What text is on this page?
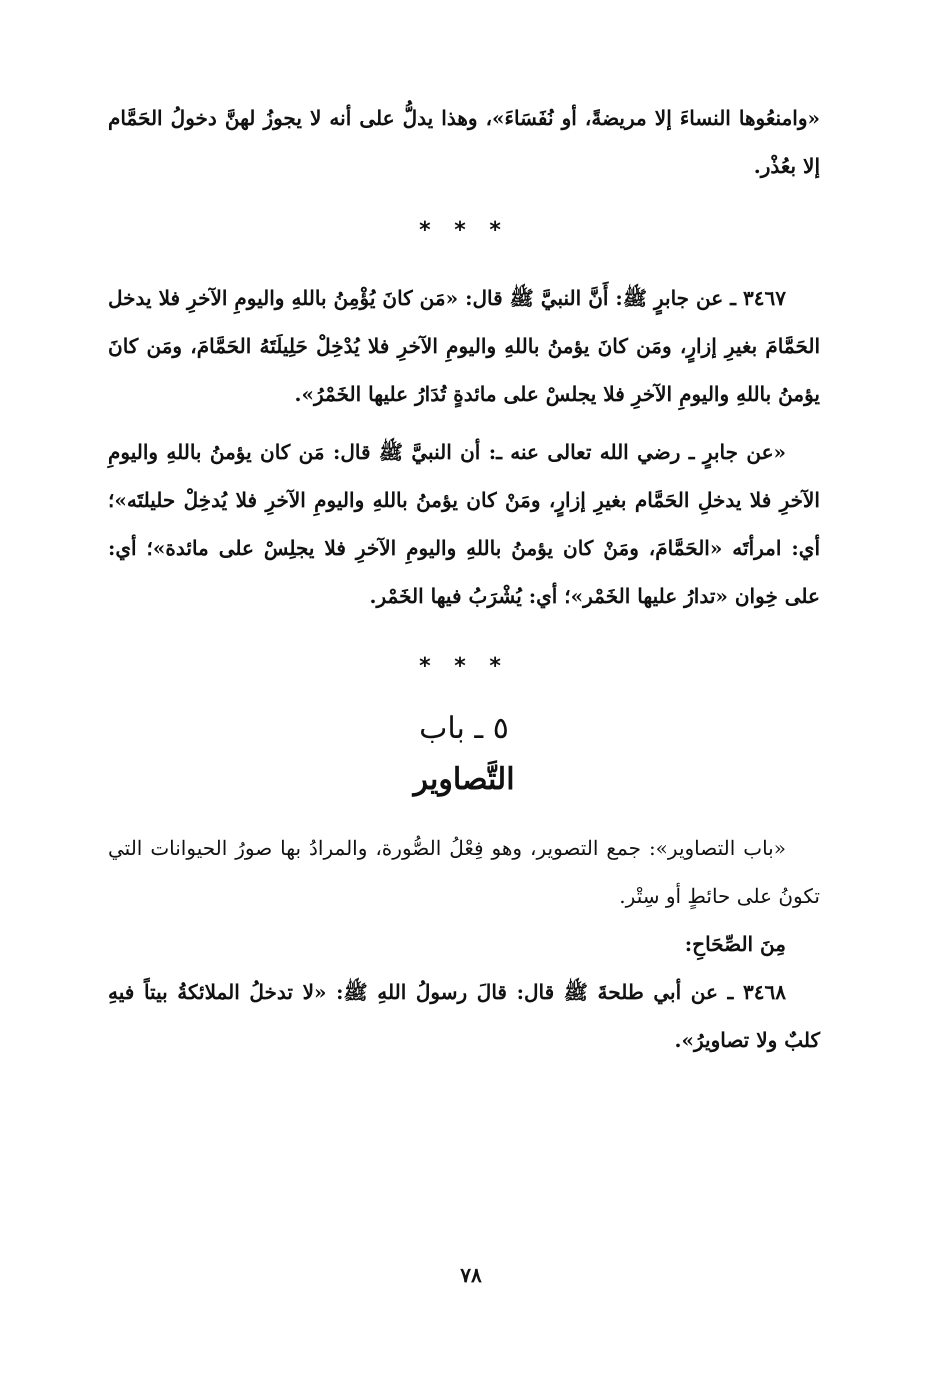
«وامنعُوها النساءَ إلا مريضةً، أو نُفَسَاءَ»، وهذا يدلُّ على أنه لا يجوزُ لهنَّ دخولُ الحَمَّام إلا بعُذْر.

* * *

٣٤٦٧ ـ عن جابرٍ ﷺ: أَنَّ النبيَّ ﷺ قال: «مَن كانَ يُؤْمِنُ باللهِ واليومِ الآخرِ فلا يدخل الحَمَّامَ بغيرِ إزارٍ، ومَن كانَ يؤمنُ باللهِ واليومِ الآخرِ فلا يُدْخِلْ حَلِيلَتَهُ الحَمَّامَ، ومَن كانَ يؤمنُ باللهِ واليومِ الآخرِ فلا يجلسْ على مائدةٍ تُدَارُ عليها الخَمْرُ».

«عن جابرٍ ـ رضي الله تعالى عنه ـ: أن النبيَّ ﷺ قال: مَن كان يؤمنُ باللهِ واليومِ الآخرِ فلا يدخلِ الحَمَّام بغيرِ إزارٍ، ومَنْ كان يؤمنُ باللهِ واليومِ الآخرِ فلا يُدخِلْ حليلتَه»؛ أي: امرأتَه «الحَمَّامَ، ومَنْ كان يؤمنُ باللهِ واليومِ الآخرِ فلا يجلِسْ على مائدة»؛ أي: على خِوان «تدارُ عليها الخَمْر»؛ أي: يُشْرَبُ فيها الخَمْر.

* * *

٥ ـ باب

التَّصاوير

«باب التصاوير»: جمع التصوير، وهو فِعْلُ الصُّورة، والمرادُ بها صورُ الحيوانات التي تكونُ على حائطٍ أو سِتْر.

مِنَ الصِّحَاحِ:

٣٤٦٨ ـ عن أبي طلحةَ ﷺ قال: قالَ رسولُ اللهِ ﷺ: «لا تدخلُ الملائكةُ بيتاً فيهِ كلبٌ ولا تصاويرُ».

٧٨
